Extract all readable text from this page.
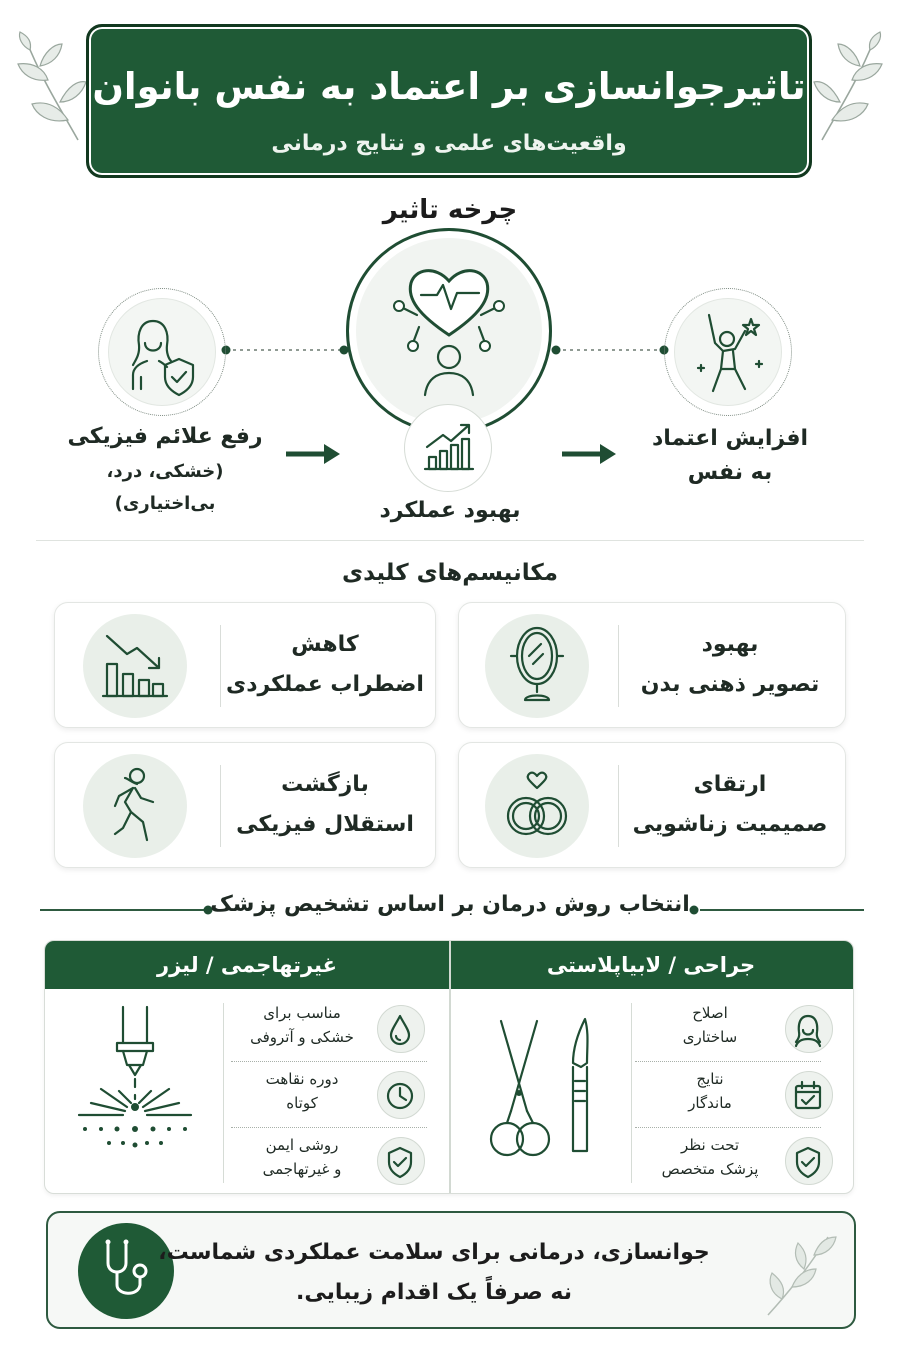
تاثیرجوانسازی بر اعتماد به نفس بانوان
واقعیت‌های علمی و نتایج درمانی
چرخه تاثیر
رفع علائم فیزیکی
(خشکی، درد،
بی‌اختیاری)	بهبود عملکرد
افزایش اعتماد
به نفس
مکانیسم‌های کلیدی
بهبود
تصویر ذهنی بدن
کاهش
اضطراب عملکردی
ارتقای
صمیمیت زناشویی
بازگشت
استقلال فیزیکی
انتخاب روش درمان بر اساس تشخیص پزشک
جراحی / لابیاپلاستی
غیرتهاجمی / لیزر
اصلاح
ساختاری
نتایج
ماندگار
تحت نظر
پزشک متخصص
مناسب برای
خشکی و آتروفی
دوره نقاهت
کوتاه
روشی ایمن
و غیرتهاجمی
جوانسازی، درمانی برای سلامت عملکردی شماست،
نه صرفاً یک اقدام زیبایی.
